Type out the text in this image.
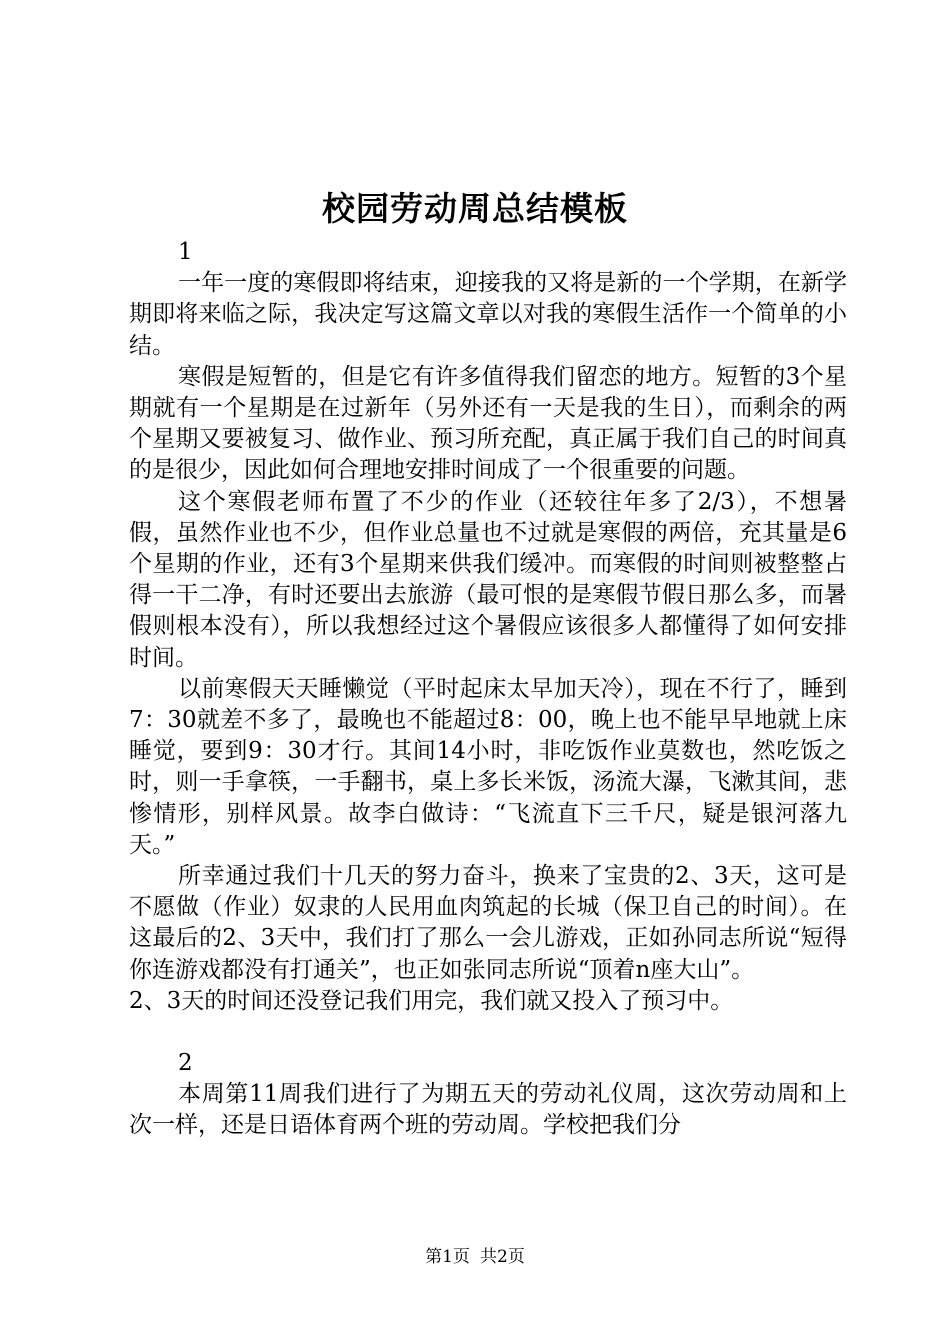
校园劳动周总结模板

1

一年一度的寒假即将结束，迎接我的又将是新的一个学期，在新学期即将来临之际，我决定写这篇文章以对我的寒假生活作一个简单的小结。

寒假是短暂的，但是它有许多值得我们留恋的地方。短暂的3个星期就有一个星期是在过新年（另外还有一天是我的生日），而剩余的两个星期又要被复习、做作业、预习所充配，真正属于我们自己的时间真的是很少，因此如何合理地安排时间成了一个很重要的问题。

这个寒假老师布置了不少的作业（还较往年多了2/3），不想暑假，虽然作业也不少，但作业总量也不过就是寒假的两倍，充其量是6个星期的作业，还有3个星期来供我们缓冲。而寒假的时间则被整整占得一干二净，有时还要出去旅游（最可恨的是寒假节假日那么多，而暑假则根本没有），所以我想经过这个暑假应该很多人都懂得了如何安排时间。

以前寒假天天睡懒觉（平时起床太早加天冷），现在不行了，睡到7：30就差不多了，最晚也不能超过8：00，晚上也不能早早地就上床睡觉，要到9：30才行。其间14小时，非吃饭作业莫数也，然吃饭之时，则一手拿筷，一手翻书，桌上多长米饭，汤流大瀑，飞漱其间，悲惨情形，别样风景。故李白做诗：“飞流直下三千尺，疑是银河落九天。”

所幸通过我们十几天的努力奋斗，换来了宝贵的2、3天，这可是不愿做（作业）奴隶的人民用血肉筑起的长城（保卫自己的时间）。在这最后的2、3天中，我们打了那么一会儿游戏，正如孙同志所说“短得你连游戏都没有打通关”，也正如张同志所说“顶着n座大山”。

2、3天的时间还没登记我们用完，我们就又投入了预习中。

2

本周第11周我们进行了为期五天的劳动礼仪周，这次劳动周和上次一样，还是日语体育两个班的劳动周。学校把我们分

第1页 共2页
